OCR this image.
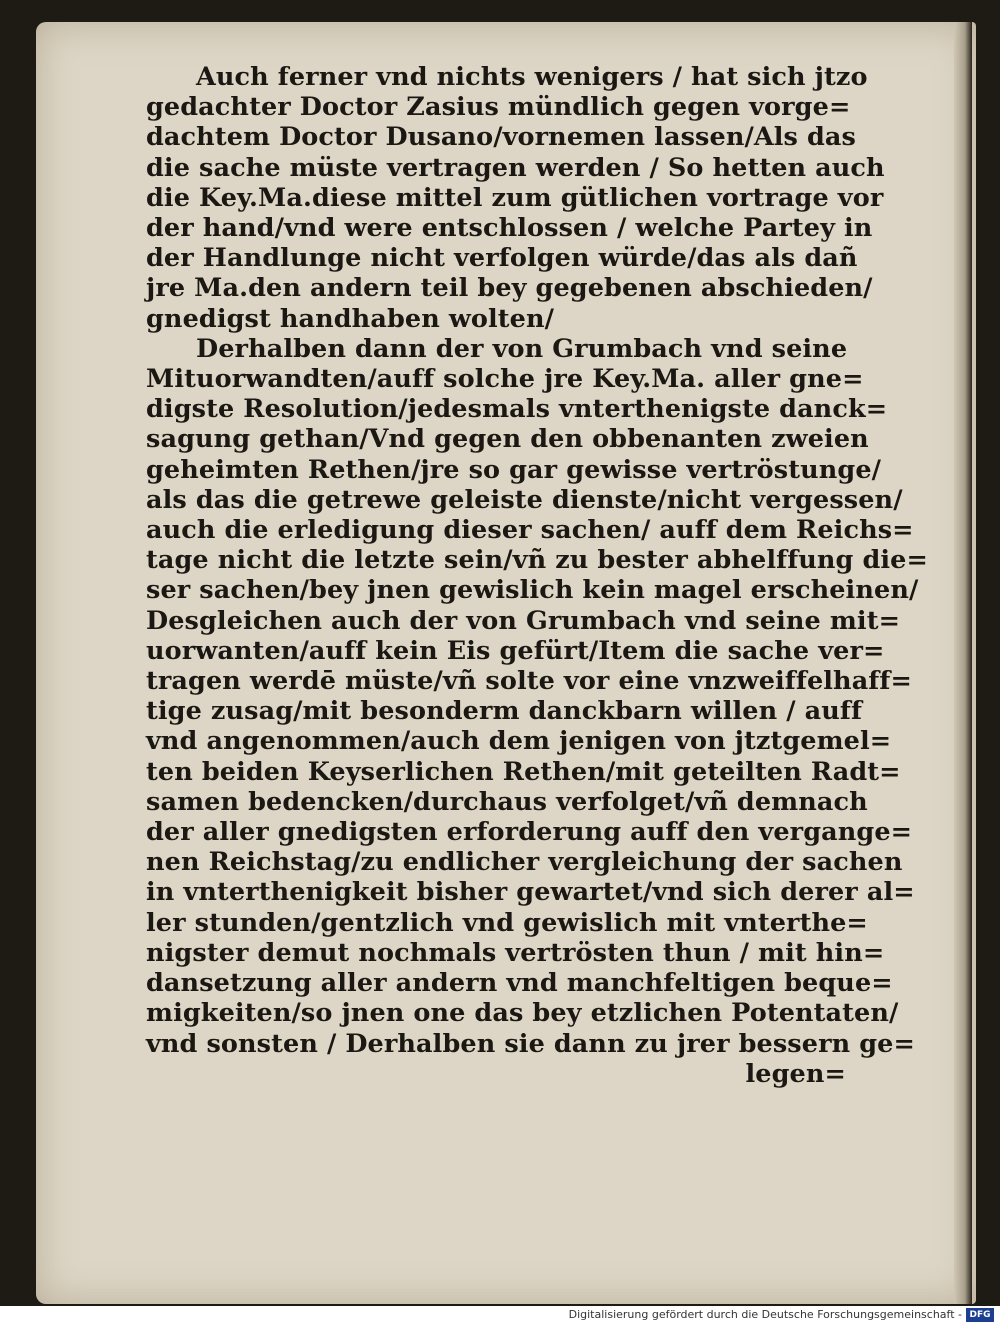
Auch ferner vnd nichts wenigers / hat sich jtzo
gedachter Doctor Zasius mündlich gegen vorge=
dachtem Doctor Dusano/vornemen lassen/Als das
die sache müste vertragen werden / So hetten auch
die Key.Ma.diese mittel zum gütlichen vortrage vor
der hand/vnd were entschlossen / welche Partey in
der Handlunge nicht verfolgen würde/das als dañ
jre Ma.den andern teil bey gegebenen abschieden/
gnedigst handhaben wolten/
Derhalben dann der von Grumbach vnd seine
Mituorwandten/auff solche jre Key.Ma. aller gne=
digste Resolution/jedesmals vnterthenigste danck=
sagung gethan/Vnd gegen den obbenanten zweien
geheimten Rethen/jre so gar gewisse vertröstunge/
als das die getrewe geleiste dienste/nicht vergessen/
auch die erledigung dieser sachen/ auff dem Reichs=
tage nicht die letzte sein/vñ zu bester abhelffung die=
ser sachen/bey jnen gewislich kein magel erscheinen/
Desgleichen auch der von Grumbach vnd seine mit=
uorwanten/auff kein Eis gefürt/Item die sache ver=
tragen werdē müste/vñ solte vor eine vnzweiffelhaff=
tige zusag/mit besonderm danckbarn willen / auff
vnd angenommen/auch dem jenigen von jtztgemel=
ten beiden Keyserlichen Rethen/mit geteilten Radt=
samen bedencken/durchaus verfolget/vñ demnach
der aller gnedigsten erforderung auff den vergange=
nen Reichstag/zu endlicher vergleichung der sachen
in vnterthenigkeit bisher gewartet/vnd sich derer al=
ler stunden/gentzlich vnd gewislich mit vnterthe=
nigster demut nochmals vertrösten thun / mit hin=
dansetzung aller andern vnd manchfeltigen beque=
migkeiten/so jnen one das bey etzlichen Potentaten/
vnd sonsten / Derhalben sie dann zu jrer bessern ge=
legen=
Digitalisierung gefördert durch die Deutsche Forschungsgemeinschaft - DFG
